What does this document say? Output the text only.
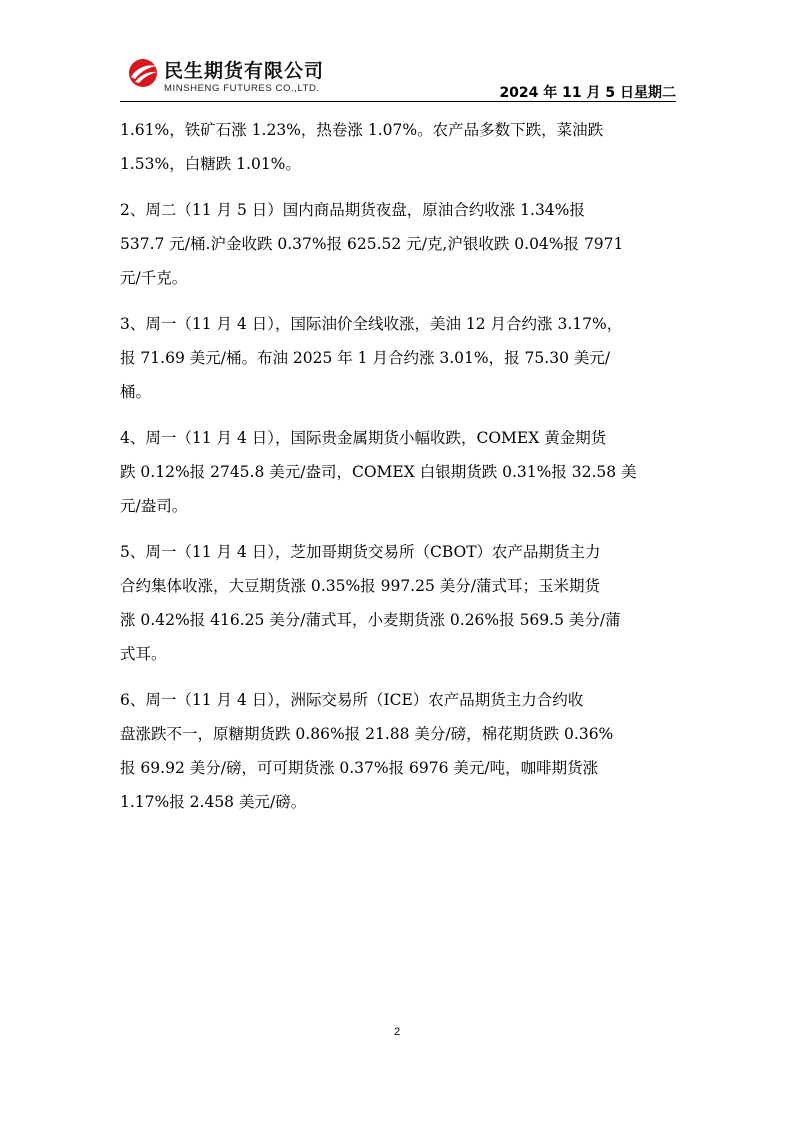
民生期货有限公司
MINSHENG FUTURES CO.,LTD.	2024 年 11 月 5 日星期二

1.61%，铁矿石涨 1.23%，热卷涨 1.07%。农产品多数下跌，菜油跌
1.53%，白糖跌 1.01%。

2、周二（11 月 5 日）国内商品期货夜盘，原油合约收涨 1.34%报
537.7 元/桶.沪金收跌 0.37%报 625.52 元/克,沪银收跌 0.04%报 7971
元/千克。

3、周一（11 月 4 日），国际油价全线收涨，美油 12 月合约涨 3.17%，
报 71.69 美元/桶。布油 2025 年 1 月合约涨 3.01%，报 75.30 美元/
桶。

4、周一（11 月 4 日），国际贵金属期货小幅收跌，COMEX 黄金期货
跌 0.12%报 2745.8 美元/盎司，COMEX 白银期货跌 0.31%报 32.58 美
元/盎司。

5、周一（11 月 4 日），芝加哥期货交易所（CBOT）农产品期货主力
合约集体收涨，大豆期货涨 0.35%报 997.25 美分/蒲式耳；玉米期货
涨 0.42%报 416.25 美分/蒲式耳，小麦期货涨 0.26%报 569.5 美分/蒲
式耳。

6、周一（11 月 4 日），洲际交易所（ICE）农产品期货主力合约收
盘涨跌不一，原糖期货跌 0.86%报 21.88 美分/磅，棉花期货跌 0.36%
报 69.92 美分/磅，可可期货涨 0.37%报 6976 美元/吨，咖啡期货涨
1.17%报 2.458 美元/磅。

2
